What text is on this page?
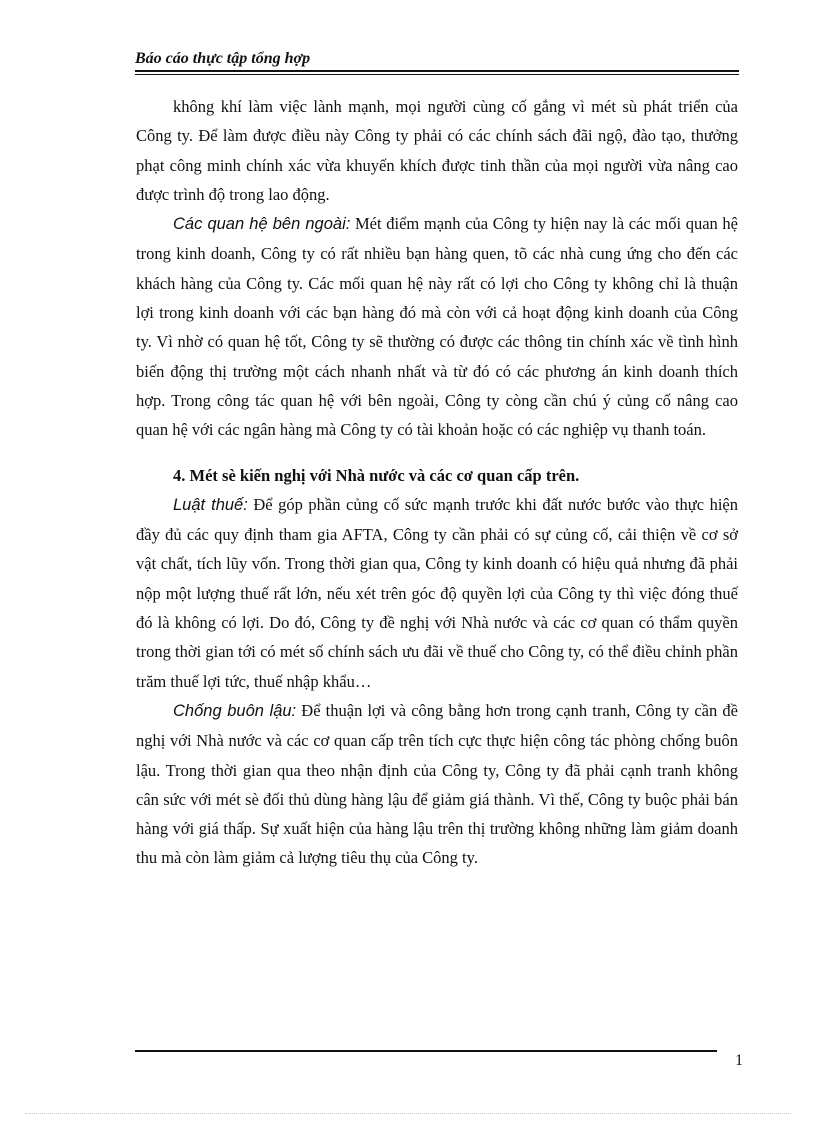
Báo cáo thực tập tổng hợp

không khí làm việc lành mạnh, mọi người cùng cố gắng vì mét sù phát triển của Công ty. Để làm được điều này Công ty phải có các chính sách đãi ngộ, đào tạo, thưởng phạt công minh chính xác vừa khuyến khích được tinh thần của mọi người vừa nâng cao được trình độ trong lao động.

Các quan hệ bên ngoài: Mét điểm mạnh của Công ty hiện nay là các mối quan hệ trong kinh doanh, Công ty có rất nhiều bạn hàng quen, tõ các nhà cung ứng cho đến các khách hàng của Công ty. Các mối quan hệ này rất có lợi cho Công ty không chỉ là thuận lợi trong kinh doanh với các bạn hàng đó mà còn với cả hoạt động kinh doanh của Công ty. Vì nhờ có quan hệ tốt, Công ty sẽ thường có được các thông tin chính xác về tình hình biến động thị trường một cách nhanh nhất và từ đó có các phương án kinh doanh thích hợp. Trong công tác quan hệ với bên ngoài, Công ty còng cần chú ý củng cố nâng cao quan hệ với các ngân hàng mà Công ty có tài khoản hoặc có các nghiệp vụ thanh toán.

4. Mét sè kiến nghị với Nhà nước và các cơ quan cấp trên.

Luật thuế: Để góp phần củng cố sức mạnh trước khi đất nước bước vào thực hiện đầy đủ các quy định tham gia AFTA, Công ty cần phải có sự củng cố, cải thiện về cơ sở vật chất, tích lũy vốn. Trong thời gian qua, Công ty kinh doanh có hiệu quả nhưng đã phải nộp một lượng thuế rất lớn, nếu xét trên góc độ quyền lợi của Công ty thì việc đóng thuế đó là không có lợi. Do đó, Công ty đề nghị với Nhà nước và các cơ quan có thẩm quyền trong thời gian tới có mét số chính sách ưu đãi về thuế cho Công ty, có thể điều chỉnh phần trăm thuế lợi tức, thuế nhập khẩu…

Chống buôn lậu: Để thuận lợi và công bằng hơn trong cạnh tranh, Công ty cần đề nghị với Nhà nước và các cơ quan cấp trên tích cực thực hiện công tác phòng chống buôn lậu. Trong thời gian qua theo nhận định của Công ty, Công ty đã phải cạnh tranh không cân sức với mét sè đối thủ dùng hàng lậu để giảm giá thành. Vì thế, Công ty buộc phải bán hàng với giá thấp. Sự xuất hiện của hàng lậu trên thị trường không những làm giảm doanh thu mà còn làm giảm cả lượng tiêu thụ của Công ty.

1
